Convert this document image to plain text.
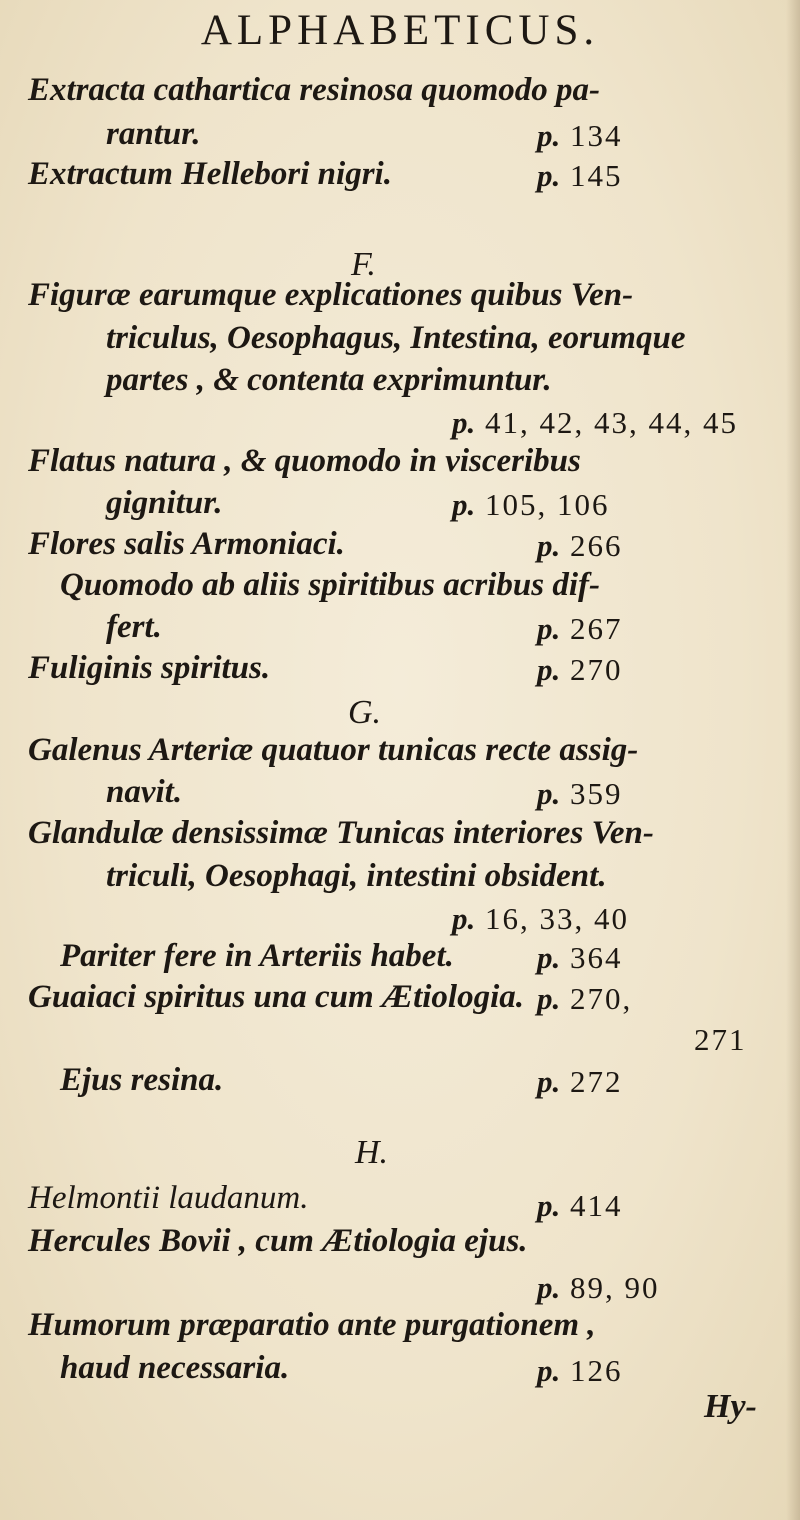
ALPHABETICUS.
Extracta cathartica resinosa quomodo pa-
rantur.	p. 134
Extractum Hellebori nigri.	p. 145
F.
Figuræ earumque explicationes quibus Ven-
triculus, Oesophagus, Intestina, eorumque
partes , & contenta exprimuntur.
p. 41, 42, 43, 44, 45
Flatus natura , & quomodo in visceribus
gignitur.	p. 105, 106
Flores salis Armoniaci.	p. 266
Quomodo ab aliis spiritibus acribus dif-
fert.	p. 267
Fuliginis spiritus.	p. 270
G.
Galenus Arteriæ quatuor tunicas recte assig-
navit.	p. 359
Glandulæ densissimæ Tunicas interiores Ven-
triculi, Oesophagi, intestini obsident.
p. 16, 33, 40
Pariter fere in Arteriis habet.	p. 364
Guaiaci spiritus una cum Ætiologia. p. 270,
271
Ejus resina.	p. 272
H.
Helmontii laudanum.	p. 414
Hercules Bovii , cum Ætiologia ejus.
p. 89, 90
Humorum præparatio ante purgationem ,
haud necessaria.	p. 126
Hy-
